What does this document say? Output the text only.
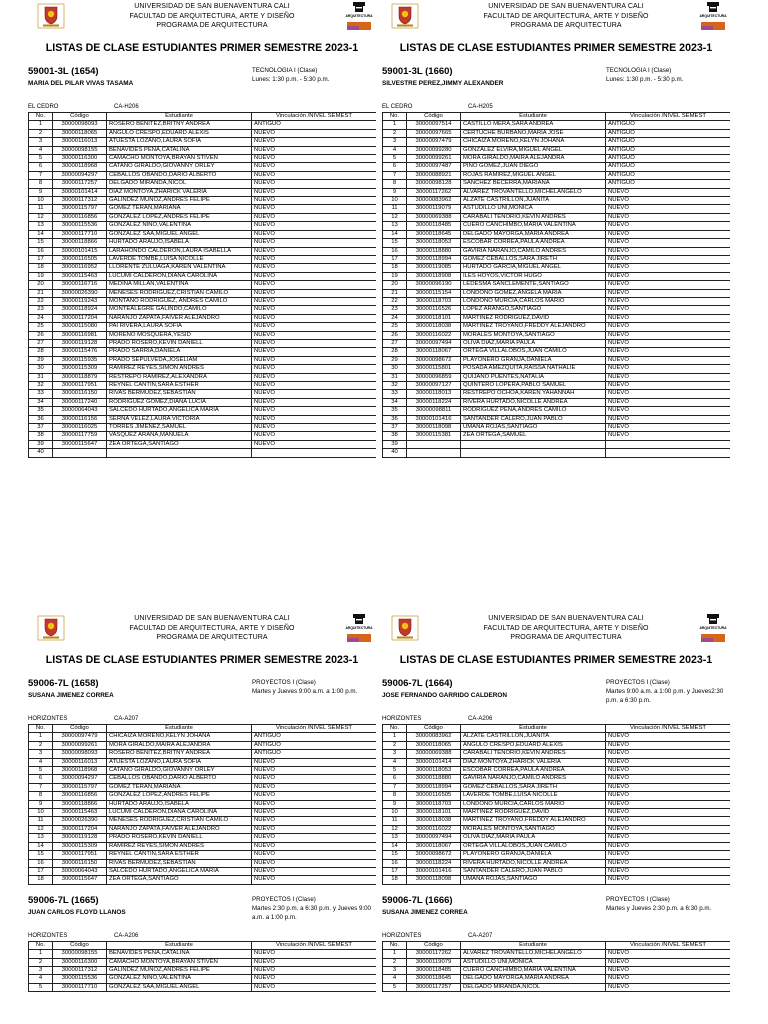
UNIVERSIDAD DE SAN BUENAVENTURA CALI
FACULTAD DE ARQUITECTURA, ARTE Y DISEÑO
PROGRAMA DE ARQUITECTURA
ARQUITECTURA
LISTAS DE CLASE ESTUDIANTES PRIMER SEMESTRE 2023-1
59001-3L (1654)
MARIA DEL PILAR VIVAS TASAMA
TECNOLOGIA I (Clase)
Lunes: 1:30 p.m. - 5:30 p.m.
EL CEDRO	CA-H206
No.	Código	Estudiante	Vinculación /NIVEL SEMEST
1	30000098093	ROSERO BENITEZ,BRITNY ANDREA	ANTIGUO
2	30000118065	ANGULO CRESPO,EDUARD ALEXIS	NUEVO
3	30000116013	ATUESTA LOZANO,LAURA SOFIA	NUEVO
4	30000098155	BENAVIDES PEÑA,CATALINA	NUEVO
5	30000116300	CAMACHO MONTOYA,BRAYAN STIVEN	NUEVO
6	30000118968	CATAÑO GIRALDO,GIOVANNY ORLEY	NUEVO
7	30000094297	CEBALLOS OBANDO,DARIO ALBERTO	NUEVO
8	30000117257	DELGADO MIRANDA,NICOL	NUEVO
9	30000101414	DIAZ MONTOYA,ZHARICK VALERIA	NUEVO
10	30000117312	GALINDEZ MUÑOZ,ANDRES FELIPE	NUEVO
11	30000115797	GOMEZ TERAN,MARIANA	NUEVO
12	30000116856	GONZÁLEZ LOPEZ,ANDRES FELIPE	NUEVO
13	30000115536	GONZÁLEZ NIÑO,VALENTINA	NUEVO
14	30000117710	GONZÁLEZ SAA,MIGUEL ANGEL	NUEVO
15	30000118866	HURTADO ARAUJO,ISABELA	NUEVO
16	30000101415	LARAHONDO CALDERÓN,LAURA ISABELLA	NUEVO
17	30000116505	LAVERDE TOMBE,LUISA NICOLLE	NUEVO
18	30000116952	LLORENTE ZULUAGA,KAREN VALENTINA	NUEVO
19	30000115463	LUCUMI CALDERON,DIANA CAROLINA	NUEVO
20	30000116716	MEDINA MILLAN,VALENTINA	NUEVO
21	30000026390	MENESES RODRIGUEZ,CRISTIAN CAMILO	NUEVO
22	30000119243	MONTAÑO RODRIGUEZ, ANDRES CAMILO	NUEVO
23	30000118924	MONTEALEGRE GALINDO,CAMILO	NUEVO
24	30000117204	NARANJO ZAPATA,FAIVER ALEJANDRO	NUEVO
25	30000115080	PAI RIVERA,LAURA SOFIA	NUEVO
26	30000116981	MORENO MOSQUERA,YESID	NUEVO
27	30000119128	PRADO ROSERO,KEVIN DANIELL	NUEVO
28	30000115476	PRADO SARRIA,DANIELA	NUEVO
29	30000115935	PRADO SEPULVEDA,JOSELIAM	NUEVO
30	30000115309	RAMIREZ REYES,SIMON ANDRES	NUEVO
31	30000118879	RESTREPO RAMIREZ,ALEXANDRA	NUEVO
32	30000117951	REYNEL CANTIN,SARA ESTHER	NUEVO
33	30000116150	RIVAS BERMUDEZ,SEBASTIAN	NUEVO
34	30000117240	RODRIGUEZ GOMEZ,DIANA LUCIA	NUEVO
35	30000064043	SALCEDO HURTADO,ANGELICA MARIA	NUEVO
36	30000116156	SERNA VELEZ,LAURA VICTORIA	NUEVO
37	30000116025	TORRES JIMENEZ,SAMUEL	NUEVO
38	30000117759	VASQUEZ ARANA,MANUELA	NUEVO
39	30000115647	ZEA ORTEGA,SANTIAGO	NUEVO
40			
UNIVERSIDAD DE SAN BUENAVENTURA CALI
FACULTAD DE ARQUITECTURA, ARTE Y DISEÑO
PROGRAMA DE ARQUITECTURA
ARQUITECTURA
LISTAS DE CLASE ESTUDIANTES PRIMER SEMESTRE 2023-1
59001-3L (1660)
SILVESTRE PEREZ,JIMMY ALEXANDER
TECNOLOGIA I (Clase)
Lunes: 1:30 p.m. - 5:30 p.m.
EL CEDRO	CA-H205
No.	Código	Estudiante	Vinculación /NIVEL SEMEST
1	30000097514	CASTILLO MERA,SARA ANDREA	ANTIGUO
2	30000097665	CERTUCHE BURBANO,MARIA JOSE	ANTIGUO
3	30000097479	CHICAIZA MORENO,KELYN JOHANA	ANTIGUO
4	30000099280	GONZALEZ ELVIRA,MIGUEL ANGEL	ANTIGUO
5	30000099261	MORA GIRALDO,MAIRA ALEJANDRA	ANTIGUO
6	30000097487	PINO GOMEZ,JUAN DIEGO	ANTIGUO
7	30000088921	ROJAS RAMIREZ,MIGUEL ANGEL	ANTIGUO
8	30000098128	SANCHEZ BECERRA,MARIANA	ANTIGUO
9	30000117262	ALVAREZ TROVANTELLO,MICHELANGELO	NUEVO
10	30000083962	ALZATE CASTRILLON,JUANITA	NUEVO
11	30000119079	ASTUDILLO UNI,MONICA	NUEVO
12	30000069388	CARABALI TENORIO,KEVIN ANDRES	NUEVO
13	30000118485	CUERO CANCHIMBO,MARIA VALENTINA	NUEVO
14	30000118645	DELGADO MAYORGA,MARIA ANDREA	NUEVO
15	30000118053	ESCOBAR CORREA,PAULA ANDREA	NUEVO
16	30000118880	GAVIRIA NARANJO,CAMILO ANDRES	NUEVO
17	30000118994	GOMEZ CEBALLOS,SARA JIRETH	NUEVO
18	30000119085	HURTADO GARCIA,MIGUEL ANGEL	NUEVO
19	30000118908	ILES HOYOS,VICTOR HUGO	NUEVO
20	30000096190	LEDESMA SANCLEMENTE,SANTIAGO	NUEVO
21	30000115154	LONDOÑO GOMEZ,ANGELA MARIA	NUEVO
22	30000118703	LONDOÑO MURCIA,CARLOS MARIO	NUEVO
23	30000116526	LOPEZ ARANGO,SANTIAGO	NUEVO
24	30000118101	MARTINEZ RODRIGUEZ,DAVID	NUEVO
25	30000118038	MARTINEZ TROYANO,FREDDY ALEJANDRO	NUEVO
26	30000116022	MORALES MONTOYA,SANTIAGO	NUEVO
27	30000097494	OLIVA DIAZ,MARIA PAULA	NUEVO
28	30000118067	ORTEGA VILLALOBOS,JUAN CAMILO	NUEVO
29	30000098672	PLAYONERO GRANJA,DANIELA	NUEVO
30	30000115801	POSADA AMEZQUITA,RAISSA NATHALIE	NUEVO
31	30000096859	QUIJANO PUENTES,NATALIA	NUEVO
32	30000097127	QUINTERO LOPERA,PABLO SAMUEL	NUEVO
33	30000118013	RESTREPO OCHOA,KAREN YAHANNAH	NUEVO
34	30000118224	RIVERA HURTADO,NICOLLE ANDREA	NUEVO
35	30000098811	RODRIGUEZ PEÑA,ANDRES CAMILO	NUEVO
36	30000101416	SANTANDER CALERO,JUAN PABLO	NUEVO
37	30000118098	UMAÑA ROJAS,SANTIAGO	NUEVO
38	30000115381	ZEA ORTEGA,SAMUEL	NUEVO
39			
40			
UNIVERSIDAD DE SAN BUENAVENTURA CALI
FACULTAD DE ARQUITECTURA, ARTE Y DISEÑO
PROGRAMA DE ARQUITECTURA
ARQUITECTURA
LISTAS DE CLASE ESTUDIANTES PRIMER SEMESTRE 2023-1
59006-7L (1658)
SUSANA JIMENEZ CORREA
PROYECTOS I (Clase)
Martes y Jueves 9:00 a.m. a 1:00 p.m.
HORIZONTES	CA-A207
No.	Código	Estudiante	Vinculación /NIVEL SEMEST
1	30000097479	CHICAIZA MORENO,KELYN JOHANA	ANTIGUO
2	30000099261	MORA GIRALDO,MAIRA ALEJANDRA	ANTIGUO
3	30000098093	ROSERO BENITEZ,BRITNY ANDREA	ANTIGUO
4	30000116013	ATUESTA LOZANO,LAURA SOFIA	NUEVO
5	30000118968	CATAÑO GIRALDO,GIOVANNY ORLEY	NUEVO
6	30000094297	CEBALLOS OBANDO,DARIO ALBERTO	NUEVO
7	30000115797	GOMEZ TERAN,MARIANA	NUEVO
8	30000116856	GONZÁLEZ LOPEZ,ANDRES FELIPE	NUEVO
9	30000118866	HURTADO ARAUJO,ISABELA	NUEVO
10	30000115463	LUCUMI CALDERON,DIANA CAROLINA	NUEVO
11	30000026390	MENESES RODRIGUEZ,CRISTIAN CAMILO	NUEVO
12	30000117204	NARANJO ZAPATA,FAIVER ALEJANDRO	NUEVO
13	30000119128	PRADO ROSERO,KEVIN DANIELL	NUEVO
14	30000115309	RAMIREZ REYES,SIMON ANDRES	NUEVO
15	30000117951	REYNEL CANTIN,SARA ESTHER	NUEVO
16	30000116150	RIVAS BERMUDEZ,SEBASTIAN	NUEVO
17	30000064043	SALCEDO HURTADO,ANGELICA MARIA	NUEVO
18	30000115647	ZEA ORTEGA,SANTIAGO	NUEVO
59006-7L (1665)
JUAN CARLOS FLOYD LLANOS
PROYECTOS I (Clase)
Martes 2:30 p.m. a 6:30 p.m. y Jueves 9:00 a.m. a 1:00 p.m.
HORIZONTES	CA-A206
No.	Código	Estudiante	Vinculación /NIVEL SEMEST
1	30000098155	BENAVIDES PEÑA,CATALINA	NUEVO
2	30000116300	CAMACHO MONTOYA,BRAYAN STIVEN	NUEVO
3	30000117312	GALINDEZ MUÑOZ,ANDRES FELIPE	NUEVO
4	30000115536	GONZÁLEZ NIÑO,VALENTINA	NUEVO
5	30000117710	GONZÁLEZ SAA,MIGUEL ANGEL	NUEVO
UNIVERSIDAD DE SAN BUENAVENTURA CALI
FACULTAD DE ARQUITECTURA, ARTE Y DISEÑO
PROGRAMA DE ARQUITECTURA
ARQUITECTURA
LISTAS DE CLASE ESTUDIANTES PRIMER SEMESTRE 2023-1
59006-7L (1664)
JOSE FERNANDO GARRIDO CALDERON
PROYECTOS I (Clase)
Martes 9:00 a.m. a 1:00 p.m. y Jueves2:30 p.m. a 6:30 p.m.
HORIZONTES	CA-A206
No.	Código	Estudiante	Vinculación /NIVEL SEMEST
1	30000083962	ALZATE CASTRILLON,JUANITA	NUEVO
2	30000118065	ANGULO CRESPO,EDUARD ALEXIS	NUEVO
3	30000069388	CARABALI TENORIO,KEVIN ANDRES	NUEVO
4	30000101414	DIAZ MONTOYA,ZHARICK VALERIA	NUEVO
5	30000118053	ESCOBAR CORREA,PAULA ANDREA	NUEVO
6	30000118880	GAVIRIA NARANJO,CAMILO ANDRES	NUEVO
7	30000118994	GOMEZ CEBALLOS,SARA JIRETH	NUEVO
8	30000116505	LAVERDE TOMBE,LUISA NICOLLE	NUEVO
9	30000118703	LONDOÑO MURCIA,CARLOS MARIO	NUEVO
10	30000118101	MARTINEZ RODRIGUEZ,DAVID	NUEVO
11	30000118038	MARTINEZ TROYANO,FREDDY ALEJANDRO	NUEVO
12	30000116022	MORALES MONTOYA,SANTIAGO	NUEVO
13	30000097494	OLIVA DIAZ,MARIA PAULA	NUEVO
14	30000118067	ORTEGA VILLALOBOS,JUAN CAMILO	NUEVO
15	30000098672	PLAYONERO GRANJA,DANIELA	NUEVO
16	30000118224	RIVERA HURTADO,NICOLLE ANDREA	NUEVO
17	30000101416	SANTANDER CALERO,JUAN PABLO	NUEVO
18	30000118098	UMAÑA ROJAS,SANTIAGO	NUEVO
59006-7L (1666)
SUSANA JIMENEZ CORREA
PROYECTOS I (Clase)
Martes y Jueves 2:30 p.m. a 6:30 p.m.
HORIZONTES	CA-A207
No.	Código	Estudiante	Vinculación /NIVEL SEMEST
1	30000117262	ALVAREZ TROVANTELLO,MICHELANGELO	NUEVO
2	30000119079	ASTUDILLO UNI,MONICA	NUEVO
3	30000118485	CUERO CANCHIMBO,MARIA VALENTINA	NUEVO
4	30000118645	DELGADO MAYORGA,MARIA ANDREA	NUEVO
5	30000117257	DELGADO MIRANDA,NICOL	NUEVO
